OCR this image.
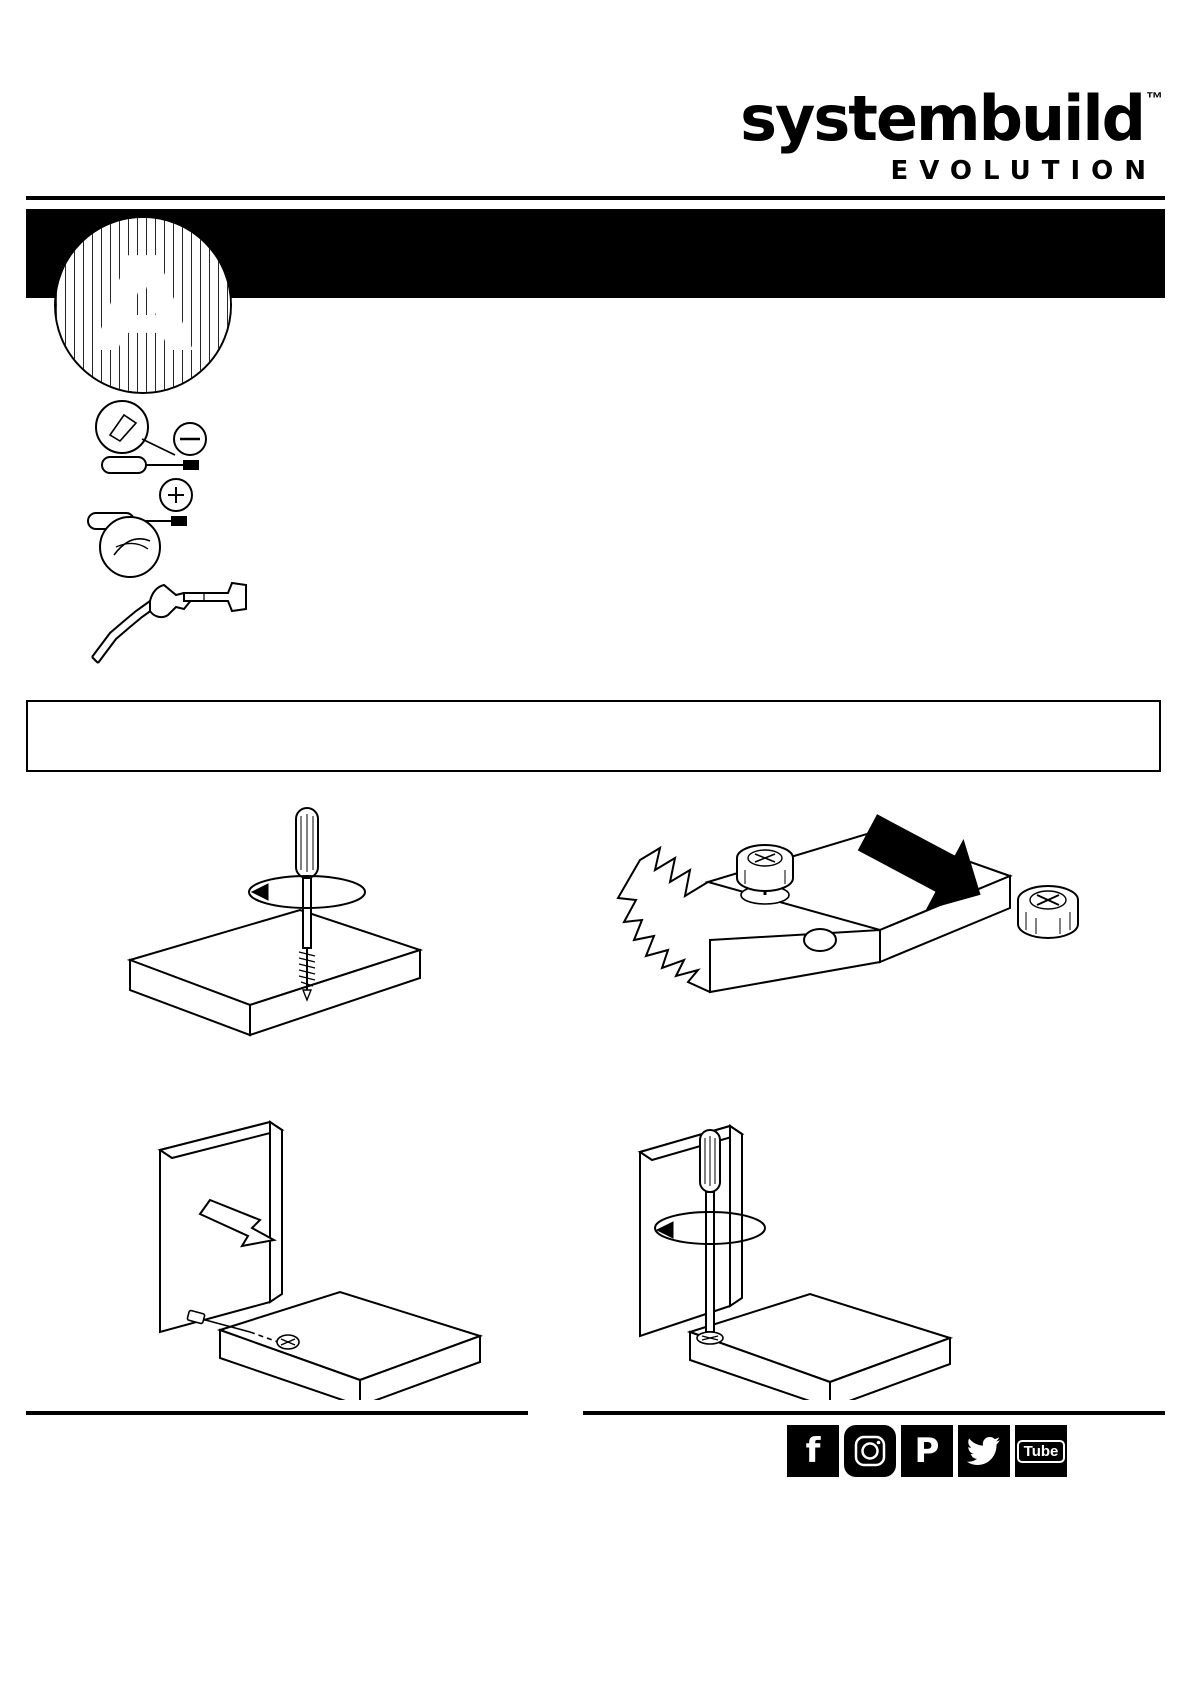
systembuild ™
EVOLUTION
A
f	P	Tube
